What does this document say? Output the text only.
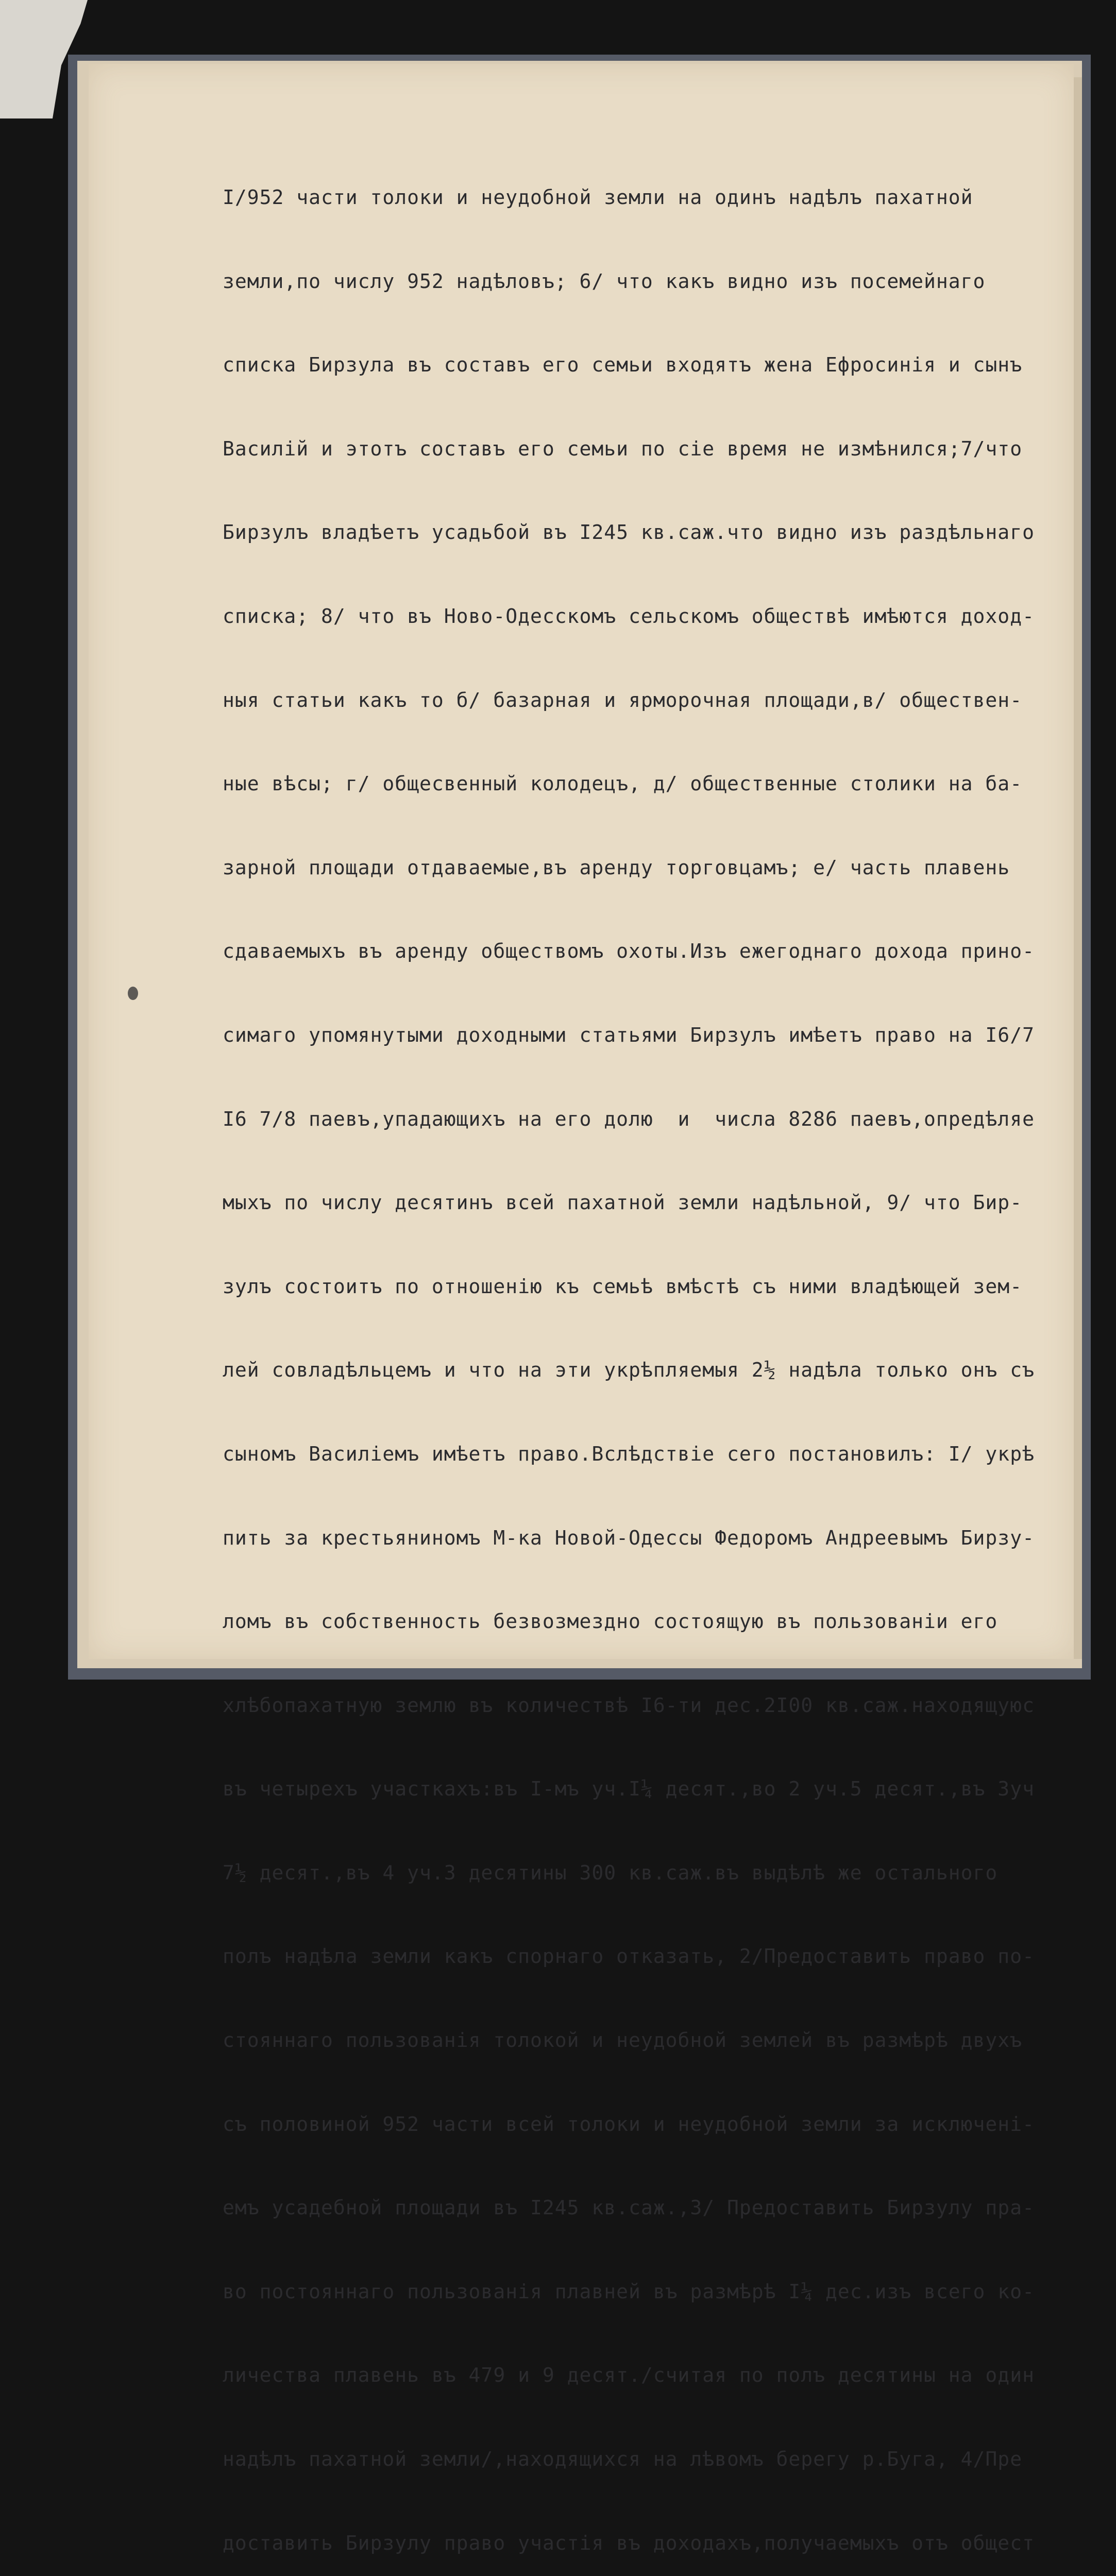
I/952 части толоки и неудобной земли на одинъ надѣлъ пахатной

земли,по числу 952 надѣловъ; 6/ что какъ видно изъ посемейнаго

списка Бирзула въ составъ его семьи входятъ жена Ефросинія и сынъ

Василій и этотъ составъ его семьи по сіе время не измѣнился;7/что

Бирзулъ владѣетъ усадьбой въ I245 кв.саж.что видно изъ раздѣльнаго

списка; 8/ что въ Ново-Одесскомъ сельскомъ обществѣ имѣются доход-

ныя статьи какъ то б/ базарная и ярморочная площади,в/ обществен-

ные вѣсы; г/ общесвенный колодецъ, д/ общественные столики на ба-

зарной площади отдаваемые,въ аренду торговцамъ; е/ часть плавень

сдаваемыхъ въ аренду обществомъ охоты.Изъ ежегоднаго дохода прино-

симаго упомянутыми доходными статьями Бирзулъ имѣетъ право на I6/7

I6 7/8 паевъ,упадающихъ на его долю  и  числа 8286 паевъ,опредѣляе

мыхъ по числу десятинъ всей пахатной земли надѣльной, 9/ что Бир-

зулъ состоитъ по отношенію къ семьѣ вмѣстѣ съ ними владѣющей зем-

лей совладѣльцемъ и что на эти укрѣпляемыя 2½ надѣла только онъ съ

сыномъ Василіемъ имѣетъ право.Вслѣдствіе сего постановилъ: I/ укрѣ

пить за крестьяниномъ М-ка Новой-Одессы Федоромъ Андреевымъ Бирзу-

ломъ въ собственность безвозмездно состоящую въ пользованіи его

хлѣбопахатную землю въ количествѣ I6-ти дес.2I00 кв.саж.находящуюс

въ четырехъ участкахъ:въ I-мъ уч.I¼ десят.,во 2 уч.5 десят.,въ 3уч

7½ десят.,въ 4 уч.3 десятины 300 кв.саж.въ выдѣлѣ же остального

полъ надѣла земли какъ спорнаго отказать, 2/Предоставить право по-

стояннаго пользованія толокой и неудобной землей въ размѣрѣ двухъ

съ половиной 952 части всей толоки и неудобной земли за исключені-

емъ усадебной площади въ I245 кв.саж.,3/ Предоставить Бирзулу пра-

во постояннаго пользованія плавней въ размѣрѣ I¼ дес.изъ всего ко-

личества плавень въ 479 и 9 десят./считая по полъ десятины на один

надѣлъ пахатной земли/,находящихся на лѣвомъ берегу р.Буга, 4/Пре

доставить Бирзулу право участія въ доходахъ,получаемыхъ отъ общест
